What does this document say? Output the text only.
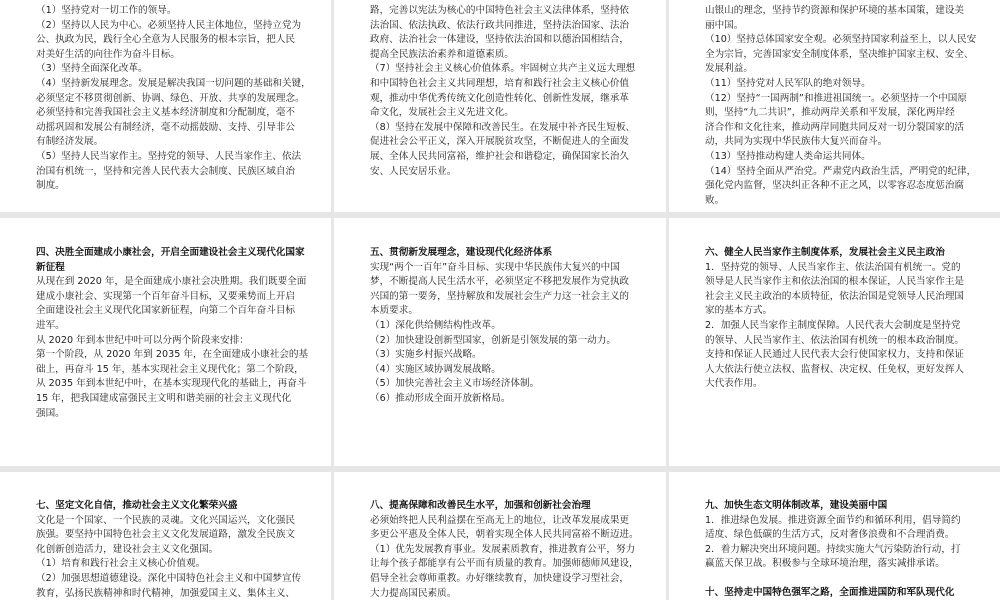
（1）坚持党对一切工作的领导。
（2）坚持以人民为中心。必须坚持人民主体地位，坚持立党为
公、执政为民，践行全心全意为人民服务的根本宗旨，把人民
对美好生活的向往作为奋斗目标。
（3）坚持全面深化改革。
（4）坚持新发展理念。发展是解决我国一切问题的基础和关键，
必须坚定不移贯彻创新、协调、绿色、开放、共享的发展理念。
必须坚持和完善我国社会主义基本经济制度和分配制度，毫不
动摇巩固和发展公有制经济，毫不动摇鼓励、支持、引导非公
有制经济发展。
（5）坚持人民当家作主。坚持党的领导、人民当家作主、依法
治国有机统一，坚持和完善人民代表大会制度、民族区域自治
制度。
路，完善以宪法为核心的中国特色社会主义法律体系，坚持依
法治国、依法执政、依法行政共同推进，坚持法治国家、法治
政府、法治社会一体建设，坚持依法治国和以德治国相结合，
提高全民族法治素养和道德素质。
（7）坚持社会主义核心价值体系。牢固树立共产主义远大理想
和中国特色社会主义共同理想，培育和践行社会主义核心价值
观，推动中华优秀传统文化创造性转化、创新性发展，继承革
命文化，发展社会主义先进文化。
（8）坚持在发展中保障和改善民生。在发展中补齐民生短板、
促进社会公平正义，深入开展脱贫攻坚，不断促进人的全面发
展、全体人民共同富裕，维护社会和谐稳定，确保国家长治久
安、人民安居乐业。
山银山的理念，坚持节约资源和保护环境的基本国策，建设美
丽中国。
（10）坚持总体国家安全观。必须坚持国家利益至上，以人民安
全为宗旨，完善国家安全制度体系，坚决维护国家主权、安全、
发展利益。
（11）坚持党对人民军队的绝对领导。
（12）坚持“一国两制”和推进祖国统一。必须坚持一个中国原
则，坚持“九二共识”，推动两岸关系和平发展，深化两岸经
济合作和文化往来，推动两岸同胞共同反对一切分裂国家的活
动，共同为实现中华民族伟大复兴而奋斗。
（13）坚持推动构建人类命运共同体。
（14）坚持全面从严治党。严肃党内政治生活，严明党的纪律，
强化党内监督，坚决纠正各种不正之风，以零容忍态度惩治腐
败。
四、决胜全面建成小康社会，开启全面建设社会主义现代化国家新征程
从现在到 2020 年，是全面建成小康社会决胜期。我们既要全面
建成小康社会、实现第一个百年奋斗目标，又要乘势而上开启
全面建设社会主义现代化国家新征程，向第二个百年奋斗目标
进军。
从 2020 年到本世纪中叶可以分两个阶段来安排：
第一个阶段，从 2020 年到 2035 年，在全面建成小康社会的基
础上，再奋斗 15 年，基本实现社会主义现代化；第二个阶段，
从 2035 年到本世纪中叶，在基本实现现代化的基础上，再奋斗
15 年，把我国建成富强民主文明和谐美丽的社会主义现代化
强国。
五、贯彻新发展理念，建设现代化经济体系
实现“两个一百年”奋斗目标、实现中华民族伟大复兴的中国
梦，不断提高人民生活水平，必须坚定不移把发展作为党执政
兴国的第一要务，坚持解放和发展社会生产力这一社会主义的
本质要求。
（1）深化供给侧结构性改革。
（2）加快建设创新型国家，创新是引领发展的第一动力。
（3）实施乡村振兴战略。
（4）实施区域协调发展战略。
（5）加快完善社会主义市场经济体制。
（6）推动形成全面开放新格局。
六、健全人民当家作主制度体系，发展社会主义民主政治
1．坚持党的领导、人民当家作主、依法治国有机统一。党的
领导是人民当家作主和依法治国的根本保证，人民当家作主是
社会主义民主政治的本质特征，依法治国是党领导人民治理国
家的基本方式。
2．加强人民当家作主制度保障。人民代表大会制度是坚持党
的领导、人民当家作主、依法治国有机统一的根本政治制度。
支持和保证人民通过人民代表大会行使国家权力，支持和保证
人大依法行使立法权、监督权、决定权、任免权，更好发挥人
大代表作用。
七、坚定文化自信，推动社会主义文化繁荣兴盛
文化是一个国家、一个民族的灵魂。文化兴国运兴，文化强民
族强。要坚持中国特色社会主义文化发展道路，激发全民族文
化创新创造活力，建设社会主义文化强国。
（1）培育和践行社会主义核心价值观。
（2）加强思想道德建设。深化中国特色社会主义和中国梦宣传
教育，弘扬民族精神和时代精神，加强爱国主义、集体主义、
八、提高保障和改善民生水平，加强和创新社会治理
必须始终把人民利益摆在至高无上的地位，让改革发展成果更
多更公平惠及全体人民，朝着实现全体人民共同富裕不断迈进。
（1）优先发展教育事业。发展素质教育，推进教育公平，努力
让每个孩子都能享有公平而有质量的教育。加强师德师风建设，
倡导全社会尊师重教。办好继续教育，加快建设学习型社会，
大力提高国民素质。
九、加快生态文明体制改革，建设美丽中国
1．推进绿色发展。推进资源全面节约和循环利用，倡导简约
适度、绿色低碳的生活方式，反对奢侈浪费和不合理消费。
2．着力解决突出环境问题。持续实施大气污染防治行动，打
赢蓝天保卫战。积极参与全球环境治理，落实减排承诺。
十、坚持走中国特色强军之路，全面推进国防和军队现代化
